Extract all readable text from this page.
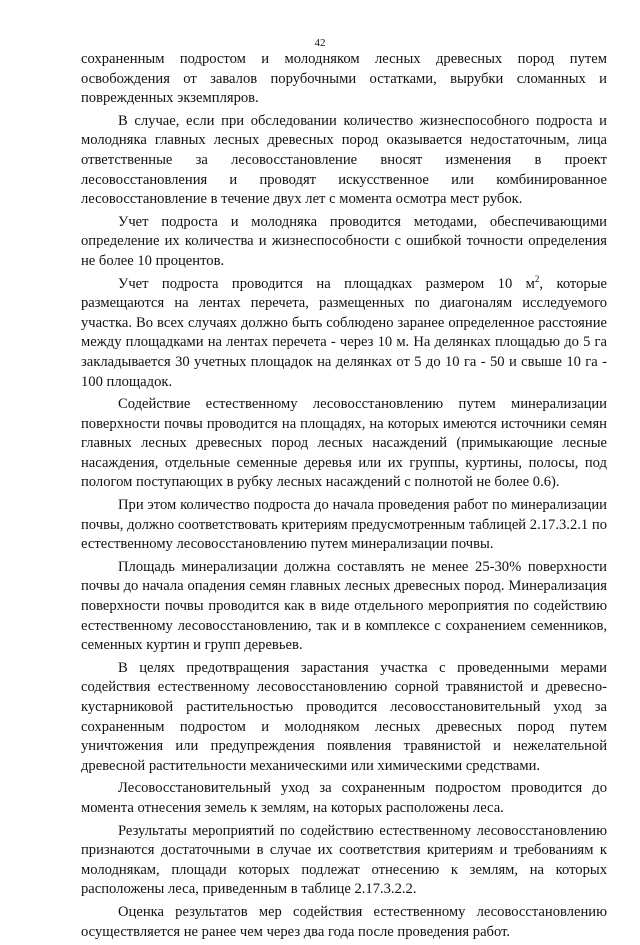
42

сохраненным подростом и молодняком лесных древесных пород путем освобождения от завалов порубочными остатками, вырубки сломанных и поврежденных экземпляров.

В случае, если при обследовании количество жизнеспособного подроста и молодняка главных лесных древесных пород оказывается недостаточным, лица ответственные за лесовосстановление вносят изменения в проект лесовосстановления и проводят искусственное или комбинированное лесовосстановление в течение двух лет с момента осмотра мест рубок.

Учет подроста и молодняка проводится методами, обеспечивающими определение их количества и жизнеспособности с ошибкой точности определения не более 10 процентов.

Учет подроста проводится на площадках размером 10 $м^2$, которые размещаются на лентах перечета, размещенных по диагоналям исследуемого участка. Во всех случаях должно быть соблюдено заранее определенное расстояние между площадками на лентах перечета - через 10 м. На делянках площадью до 5 га закладывается 30 учетных площадок на делянках от 5 до 10 га - 50 и свыше 10 га - 100 площадок.

Содействие естественному лесовосстановлению путем минерализации поверхности почвы проводится на площадях, на которых имеются источники семян главных лесных древесных пород лесных насаждений (примыкающие лесные насаждения, отдельные семенные деревья или их группы, куртины, полосы, под пологом поступающих в рубку лесных насаждений с полнотой не более 0.6).

При этом количество подроста до начала проведения работ по минерализации почвы, должно соответствовать критериям предусмотренным таблицей 2.17.3.2.1 по естественному лесовосстановлению путем минерализации почвы.

Площадь минерализации должна составлять не менее 25-30% поверхности почвы до начала опадения семян главных лесных древесных пород. Минерализация поверхности почвы проводится как в виде отдельного мероприятия по содействию естественному лесовосстановлению, так и в комплексе с сохранением семенников, семенных куртин и групп деревьев.

В целях предотвращения зарастания участка с проведенными мерами содействия естественному лесовосстановлению сорной травянистой и древесно-кустарниковой растительностью проводится лесовосстановительный уход за сохраненным подростом и молодняком лесных древесных пород путем уничтожения или предупреждения появления травянистой и нежелательной древесной растительности механическими или химическими средствами.

Лесовосстановительный уход за сохраненным подростом проводится до момента отнесения земель к землям, на которых расположены леса.

Результаты мероприятий по содействию естественному лесовосстановлению признаются достаточными в случае их соответствия критериям и требованиям к молоднякам, площади которых подлежат отнесению к землям, на которых расположены леса, приведенным в таблице 2.17.3.2.2.

Оценка результатов мер содействия естественному лесовосстановлению осуществляется не ранее чем через два года после проведения работ.
